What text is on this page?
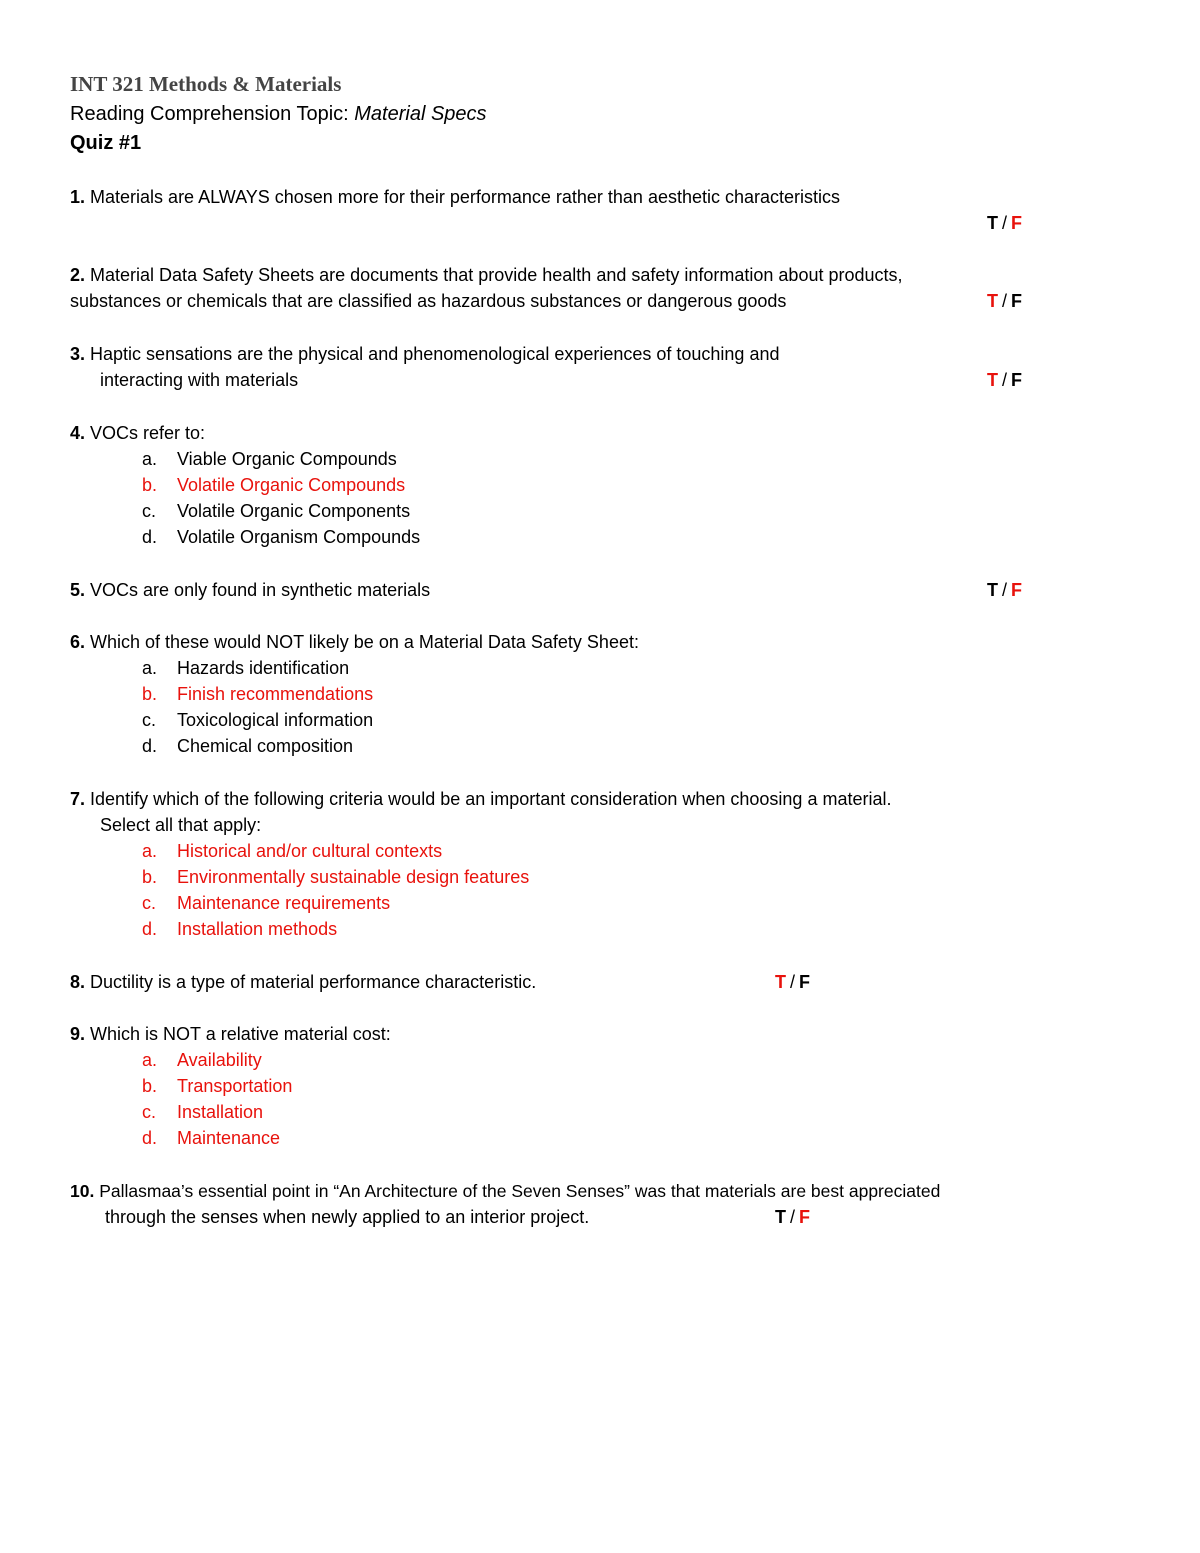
INT 321 Methods & Materials
Reading Comprehension Topic: Material Specs
Quiz #1
1. Materials are ALWAYS chosen more for their performance rather than aesthetic characteristics
T / F
2. Material Data Safety Sheets are documents that provide health and safety information about products,
substances or chemicals that are classified as hazardous substances or dangerous goods	T / F
3. Haptic sensations are the physical and phenomenological experiences of touching and
interacting with materials	T / F
4. VOCs refer to:
a. Viable Organic Compounds
b. Volatile Organic Compounds
c. Volatile Organic Components
d. Volatile Organism Compounds
5. VOCs are only found in synthetic materials	T / F
6. Which of these would NOT likely be on a Material Data Safety Sheet:
a. Hazards identification
b. Finish recommendations
c. Toxicological information
d. Chemical composition
7. Identify which of the following criteria would be an important consideration when choosing a material.
Select all that apply:
a. Historical and/or cultural contexts
b. Environmentally sustainable design features
c. Maintenance requirements
d. Installation methods
8. Ductility is a type of material performance characteristic.	T / F
9. Which is NOT a relative material cost:
a. Availability
b. Transportation
c. Installation
d. Maintenance
10. Pallasmaa’s essential point in “An Architecture of the Seven Senses” was that materials are best appreciated
through the senses when newly applied to an interior project.	T / F
